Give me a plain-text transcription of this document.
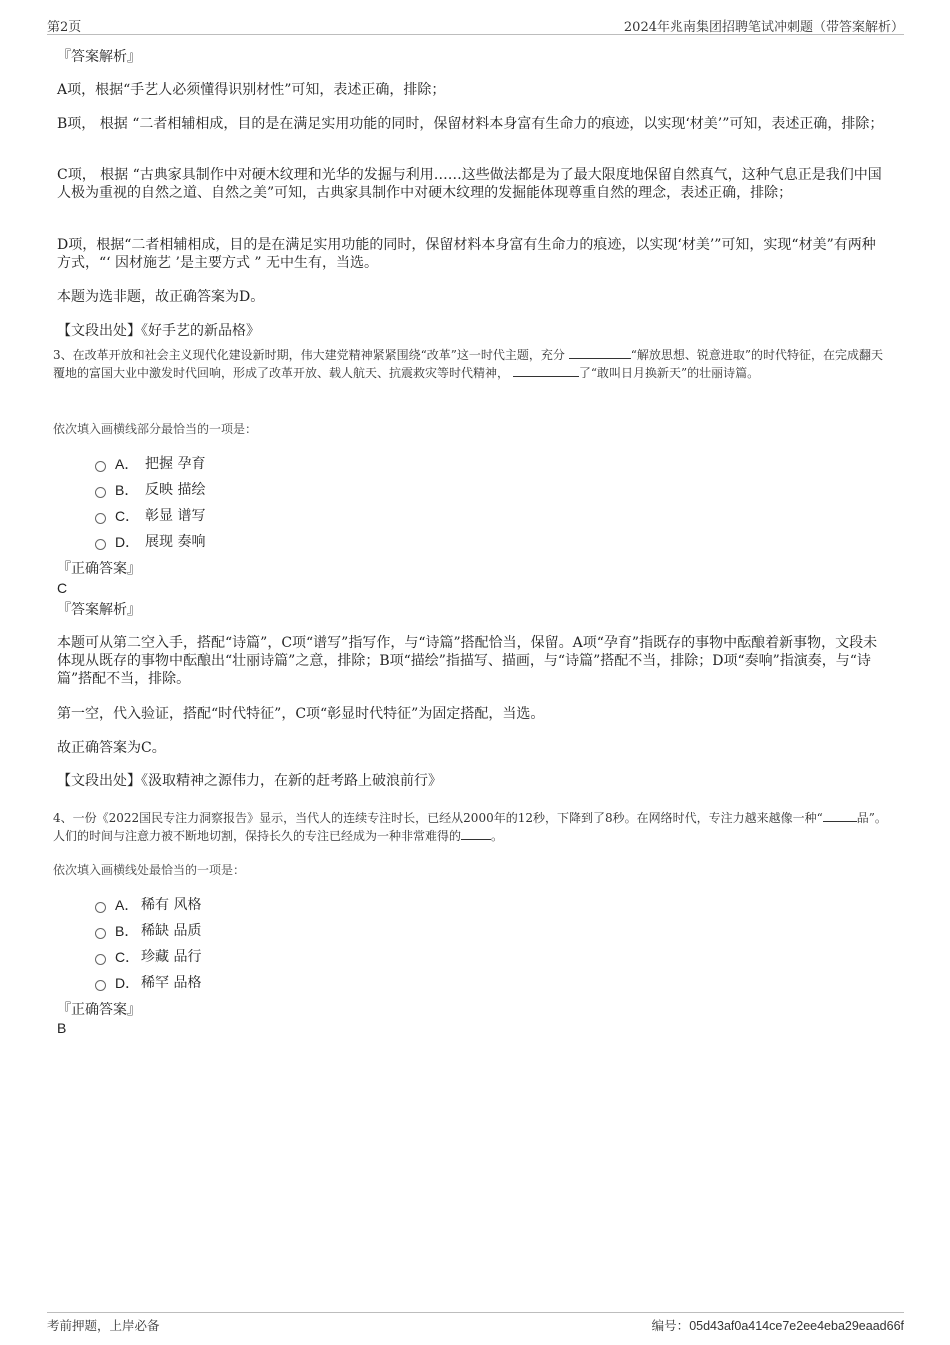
第2页	2024年兆南集团招聘笔试冲刺题（带答案解析）

『答案解析』

A项，根据“手艺人必须懂得识别材性”可知，表述正确，排除；

B项， 根据 “二者相辅相成，目的是在满足实用功能的同时，保留材料本身富有生命力的痕迹，以实现‘材美’”可知，表述正确，排除；

C项， 根据 “古典家具制作中对硬木纹理和光华的发掘与利用……这些做法都是为了最大限度地保留自然真气，这种气息正是我们中国人极为重视的自然之道、自然之美”可知，古典家具制作中对硬木纹理的发掘能体现尊重自然的理念，表述正确，排除；

D项，根据“二者相辅相成，目的是在满足实用功能的同时，保留材料本身富有生命力的痕迹，以实现‘材美’”可知，实现“材美”有两种方式，“‘ 因材施艺 ’是主要方式 ” 无中生有，当选。

本题为选非题，故正确答案为D。

【文段出处】《好手艺的新品格》

3、在改革开放和社会主义现代化建设新时期，伟大建党精神紧紧围绕“改革”这一时代主题，充分	“解放思想、锐意进取”的时代特征，在完成翻天覆地的富国大业中激发时代回响，形成了改革开放、载人航天、抗震救灾等时代精神，	了“敢叫日月换新天”的壮丽诗篇。

依次填入画横线部分最恰当的一项是：

A． 把握 孕育
B． 反映 描绘
C． 彰显 谱写
D． 展现 奏响

『正确答案』

C

『答案解析』

本题可从第二空入手，搭配“诗篇”，C项“谱写”指写作，与“诗篇”搭配恰当，保留。A项“孕育”指既存的事物中酝酿着新事物，文段未体现从既存的事物中酝酿出“壮丽诗篇”之意，排除；B项“描绘”指描写、描画，与“诗篇”搭配不当，排除；D项“奏响”指演奏，与“诗篇”搭配不当，排除。

第一空，代入验证，搭配“时代特征”，C项“彰显时代特征”为固定搭配，当选。

故正确答案为C。

【文段出处】《汲取精神之源伟力，在新的赶考路上破浪前行》

4、一份《2022国民专注力洞察报告》显示，当代人的连续专注时长，已经从2000年的12秒，下降到了8秒。在网络时代，专注力越来越像一种“	品”。人们的时间与注意力被不断地切割，保持长久的专注已经成为一种非常难得的	。

依次填入画横线处最恰当的一项是：

A． 稀有 风格
B． 稀缺 品质
C． 珍藏 品行
D． 稀罕 品格

『正确答案』

B
考前押题，上岸必备	编号：05d43af0a414ce7e2ee4eba29eaad66f
